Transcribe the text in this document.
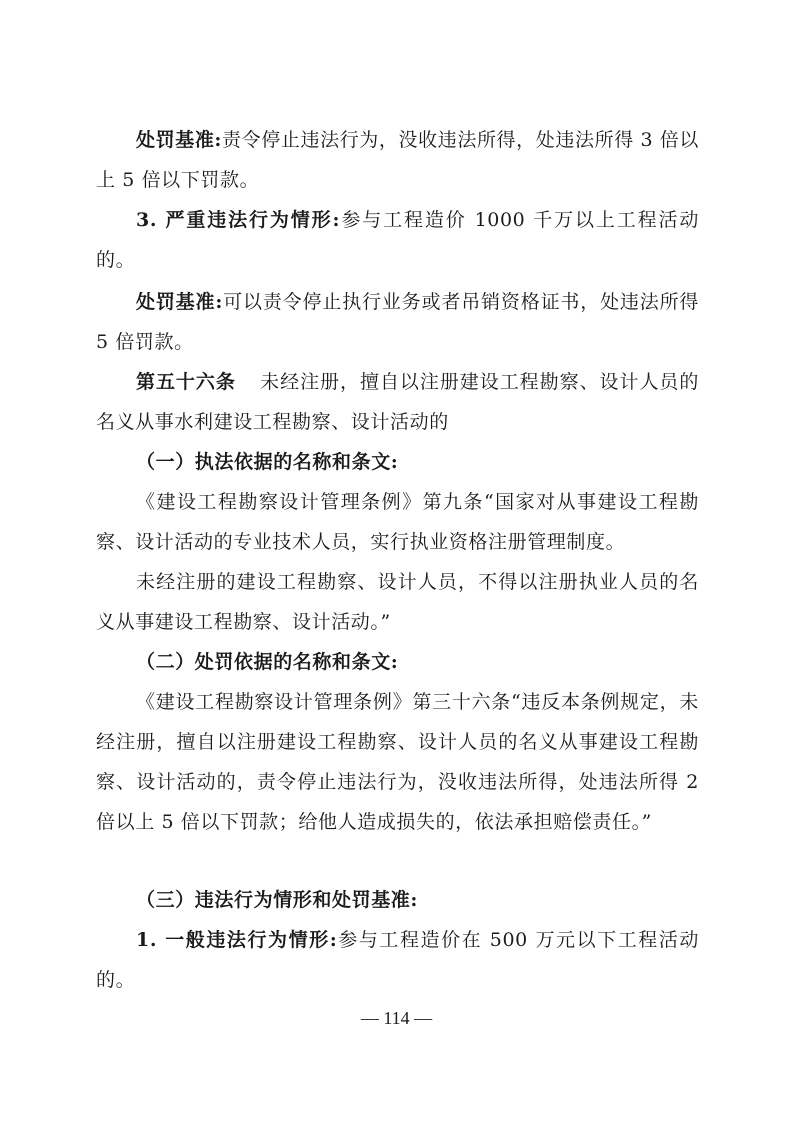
处罚基准:责令停止违法行为，没收违法所得，处违法所得 3 倍以上 5 倍以下罚款。

3. 严重违法行为情形:参与工程造价 1000 千万以上工程活动的。

处罚基准:可以责令停止执行业务或者吊销资格证书，处违法所得 5 倍罚款。

第五十六条 未经注册，擅自以注册建设工程勘察、设计人员的名义从事水利建设工程勘察、设计活动的

（一）执法依据的名称和条文:

《建设工程勘察设计管理条例》第九条“国家对从事建设工程勘察、设计活动的专业技术人员，实行执业资格注册管理制度。

未经注册的建设工程勘察、设计人员，不得以注册执业人员的名义从事建设工程勘察、设计活动。”

（二）处罚依据的名称和条文:

《建设工程勘察设计管理条例》第三十六条“违反本条例规定，未经注册，擅自以注册建设工程勘察、设计人员的名义从事建设工程勘察、设计活动的，责令停止违法行为，没收违法所得，处违法所得 2 倍以上 5 倍以下罚款；给他人造成损失的，依法承担赔偿责任。”

（三）违法行为情形和处罚基准:

1. 一般违法行为情形:参与工程造价在 500 万元以下工程活动的。

— 114 —
